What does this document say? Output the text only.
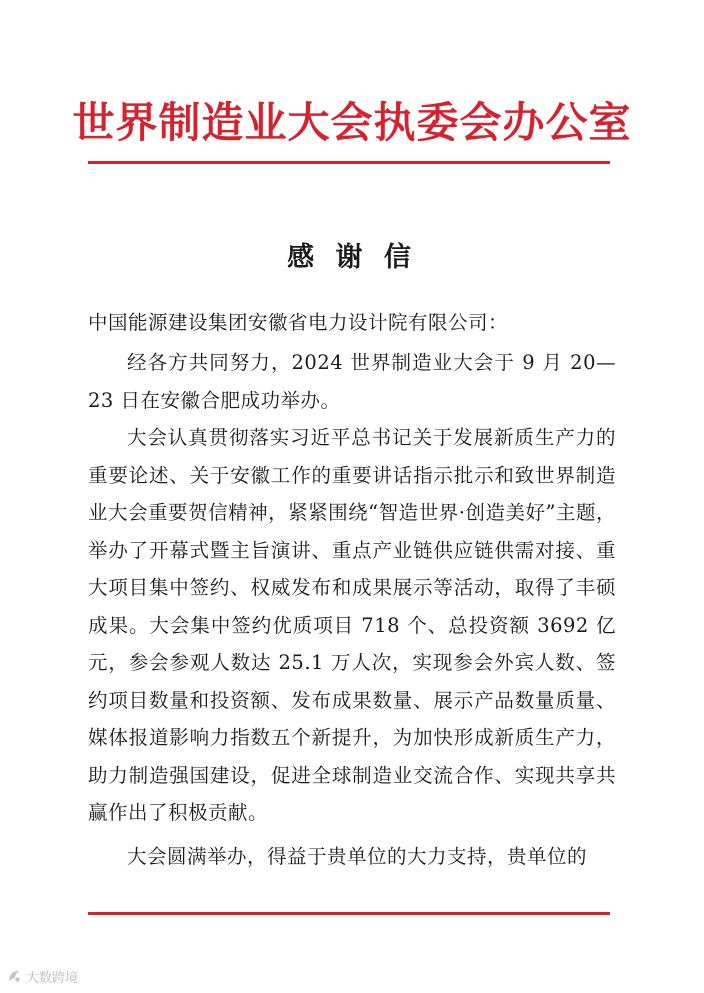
世界制造业大会执委会办公室
感 谢 信
中国能源建设集团安徽省电力设计院有限公司：

经各方共同努力，2024 世界制造业大会于 9 月 20—23 日在安徽合肥成功举办。

大会认真贯彻落实习近平总书记关于发展新质生产力的重要论述、关于安徽工作的重要讲话指示批示和致世界制造业大会重要贺信精神，紧紧围绕“智造世界·创造美好”主题，举办了开幕式暨主旨演讲、重点产业链供应链供需对接、重大项目集中签约、权威发布和成果展示等活动，取得了丰硕成果。大会集中签约优质项目 718 个、总投资额 3692 亿元，参会参观人数达 25.1 万人次，实现参会外宾人数、签约项目数量和投资额、发布成果数量、展示产品数量质量、媒体报道影响力指数五个新提升，为加快形成新质生产力，助力制造强国建设，促进全球制造业交流合作、实现共享共赢作出了积极贡献。

大会圆满举办，得益于贵单位的大力支持，贵单位的

大数跨境
